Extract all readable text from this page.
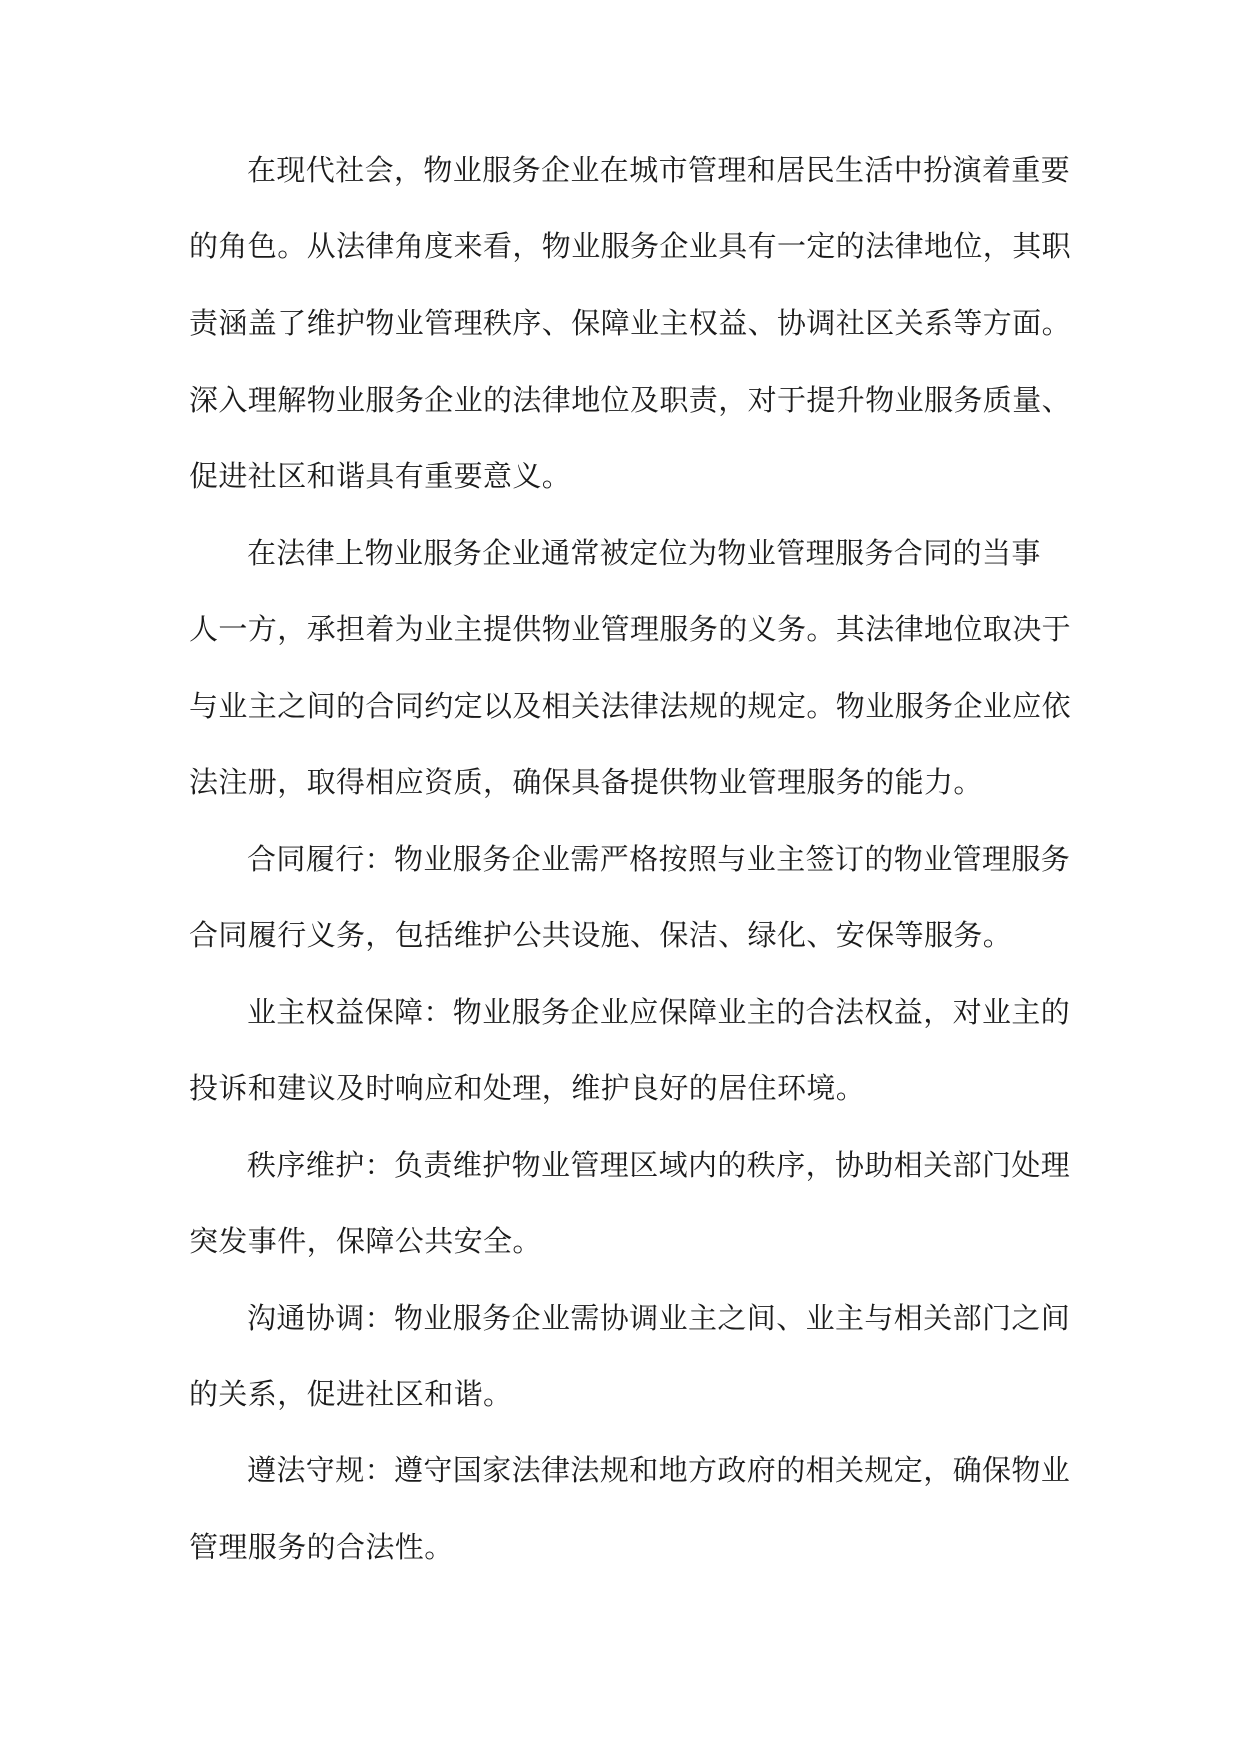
在现代社会，物业服务企业在城市管理和居民生活中扮演着重要
的角色。从法律角度来看，物业服务企业具有一定的法律地位，其职
责涵盖了维护物业管理秩序、保障业主权益、协调社区关系等方面。
深入理解物业服务企业的法律地位及职责，对于提升物业服务质量、
促进社区和谐具有重要意义。
在法律上物业服务企业通常被定位为物业管理服务合同的当事
人一方，承担着为业主提供物业管理服务的义务。其法律地位取决于
与业主之间的合同约定以及相关法律法规的规定。物业服务企业应依
法注册，取得相应资质，确保具备提供物业管理服务的能力。
合同履行：物业服务企业需严格按照与业主签订的物业管理服务
合同履行义务，包括维护公共设施、保洁、绿化、安保等服务。
业主权益保障：物业服务企业应保障业主的合法权益，对业主的
投诉和建议及时响应和处理，维护良好的居住环境。
秩序维护：负责维护物业管理区域内的秩序，协助相关部门处理
突发事件，保障公共安全。
沟通协调：物业服务企业需协调业主之间、业主与相关部门之间
的关系，促进社区和谐。
遵法守规：遵守国家法律法规和地方政府的相关规定，确保物业
管理服务的合法性。
